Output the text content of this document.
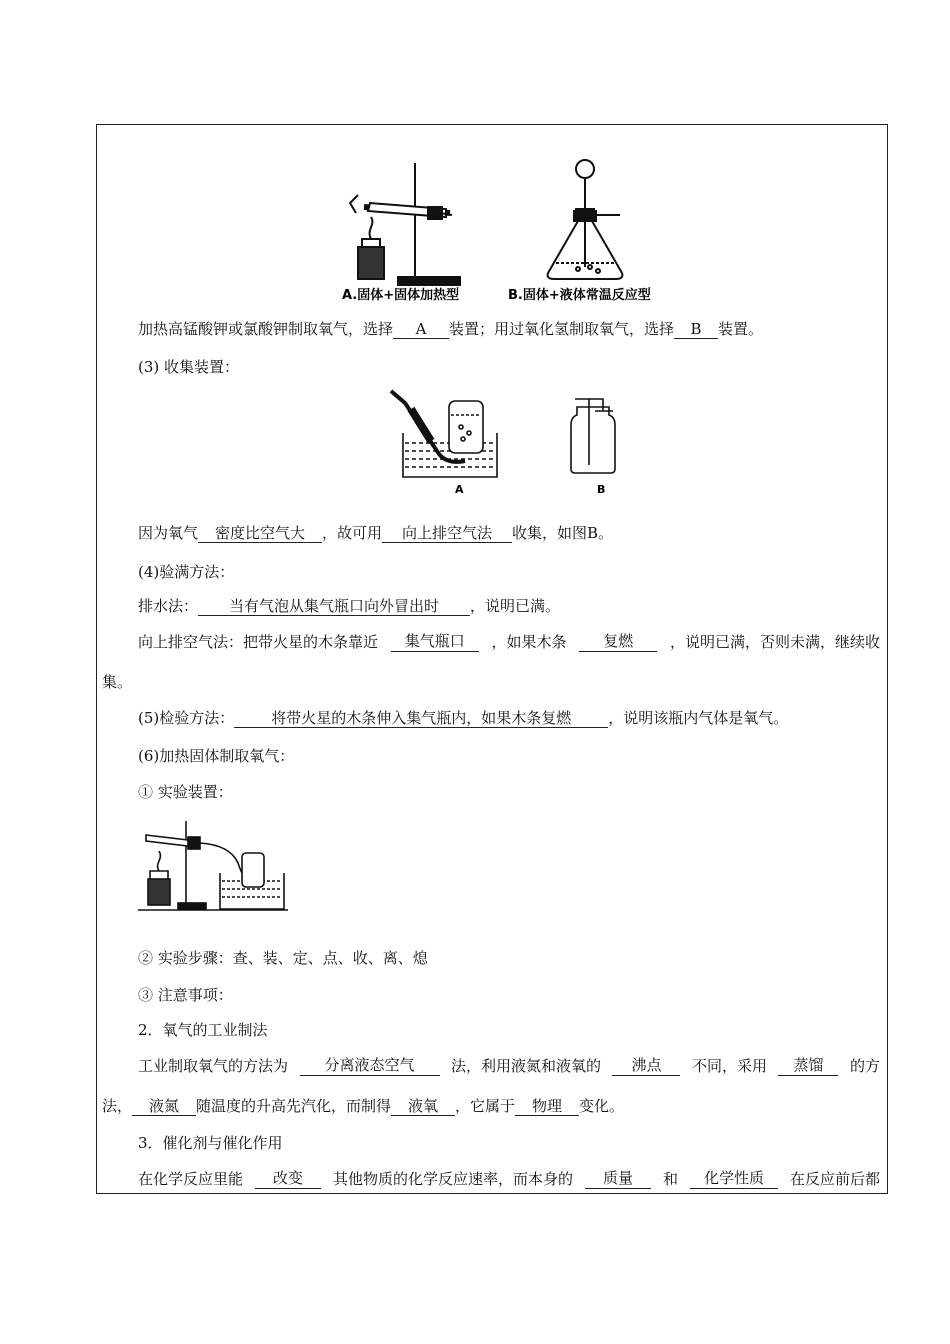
A.固体+固体加热型	B.固体+液体常温反应型
加热高锰酸钾或氯酸钾制取氧气，选择 A 装置；用过氧化氢制取氧气，选择 B 装置。
(3) 收集装置：
A	B
因为氧气 密度比空气大 ，故可用 向上排空气法 收集，如图B。
(4)验满方法：
排水法： 当有气泡从集气瓶口向外冒出时 ，说明已满。
向上排空气法：把带火星的木条靠近	集气瓶口	，如果木条	复燃	，说明已满，否则未满，继续收
集。
(5)检验方法： 将带火星的木条伸入集气瓶内，如果木条复燃 ，说明该瓶内气体是氧气。
(6)加热固体制取氧气：
① 实验装置：
② 实验步骤：查、装、定、点、收、离、熄
③ 注意事项：
2．氧气的工业制法
工业制取氧气的方法为	分离液态空气	法，利用液氮和液氧的	沸点	不同，采用	蒸馏	的方
法， 液氮 随温度的升高先汽化，而制得 液氧 ，它属于 物理 变化。
3．催化剂与催化作用
在化学反应里能	改变	其他物质的化学反应速率，而本身的	质量	和	化学性质	在反应前后都
